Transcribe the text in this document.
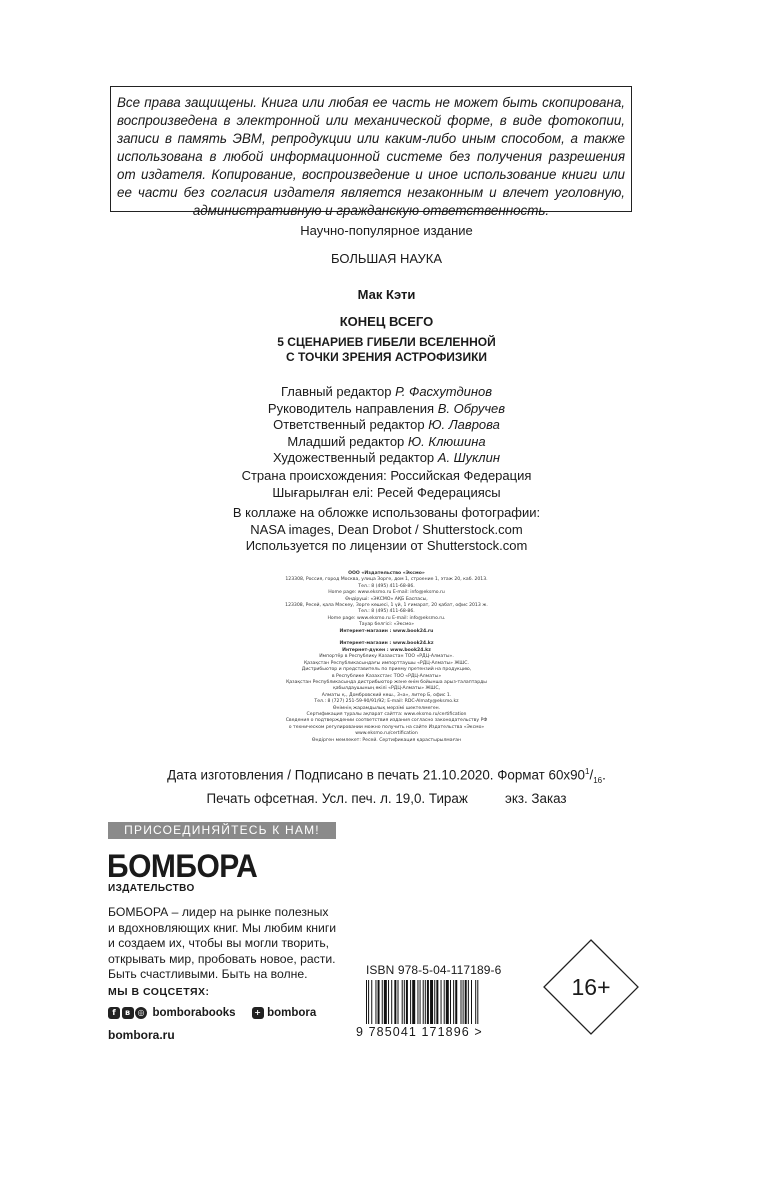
Все права защищены. Книга или любая ее часть не может быть скопирована,
воспроизведена в электронной или механической форме, в виде фотокопии,
записи в память ЭВМ, репродукции или каким-либо иным способом, а также
использована в любой информационной системе без получения разрешения
от издателя. Копирование, воспроизведение и иное использование книги или
ее части без согласия издателя является незаконным и влечет уголовную,
административную и гражданскую ответственность.
Научно-популярное издание
БОЛЬШАЯ НАУКА
Мак Кэти
КОНЕЦ ВСЕГО
5 СЦЕНАРИЕВ ГИБЕЛИ ВСЕЛЕННОЙ
С ТОЧКИ ЗРЕНИЯ АСТРОФИЗИКИ
Главный редактор Р. Фасхутдинов
Руководитель направления В. Обручев
Ответственный редактор Ю. Лаврова
Младший редактор Ю. Клюшина
Художественный редактор А. Шуклин
Страна происхождения: Российская Федерация
Шығарылған елі: Ресей Федерациясы
В коллаже на обложке использованы фотографии:
NASA images, Dean Drobot / Shutterstock.com
Используется по лицензии от Shutterstock.com
ООО «Издательство «Эксмо»
123308, Россия, город Москва, улица Зорге, дом 1, строение 1, этаж 20, каб. 2013.
Тел.: 8 (495) 411-68-86.
Home page: www.eksmo.ru E-mail: info@eksmo.ru
Өндіруші: «ЭКСМО» АҚБ Баспасы,
123308, Ресей, қала Мәскеу, Зорге көшесі, 1 үй, 1 ғимарат, 20 қабат, офис 2013 ж.
Тел.: 8 (495) 411-68-86.
Home page: www.eksmo.ru E-mail: info@eksmo.ru.
Тауар белгісі: «Эксмо»
Интернет-магазин : www.book24.ru

Интернет-магазин : www.book24.kz
Интернет-дүкен : www.book24.kz
Импортёр в Республику Казахстан ТОО «РДЦ-Алматы».
Қазақстан Республикасындағы импорттаушы «РДЦ-Алматы» ЖШС.
Дистрибьютор и представитель по приему претензий на продукцию,
в Республике Казахстан: ТОО «РДЦ-Алматы»
Қазақстан Республикасында дистрибьютор және өнім бойынша арыз-талаптарды
қабылдаушының өкілі «РДЦ-Алматы» ЖШС,
Алматы қ., Домбровский көш., 3«а», литер Б, офис 1.
Тел.: 8 (727) 251-59-90/91/92; E-mail: RDC-Almaty@eksmo.kz
Өнімнің жарамдылық мерзімі шектелмеген.
Сертификация туралы ақпарат сайтта: www.eksmo.ru/certification
Сведения о подтверждении соответствия издания согласно законодательству РФ
о техническом регулировании можно получить на сайте Издательства «Эксмо»
www.eksmo.ru/certification
Өндірген мемлекет: Ресей. Сертификация қарастырылмаған
Дата изготовления / Подписано в печать 21.10.2020. Формат $60x90^1/_{16}$.
Печать офсетная. Усл. печ. л. 19,0. Тираж          экз. Заказ
ПРИСОЕДИНЯЙТЕСЬ К НАМ!
БОМБОРА
ИЗДАТЕЛЬСТВО
БОМБОРА – лидер на рынке полезных
и вдохновляющих книг. Мы любим книги
и создаем их, чтобы вы могли творить,
открывать мир, пробовать новое, расти.
Быть счастливыми. Быть на волне.
МЫ В СОЦСЕТЯХ:
f	в ◎ bomborabooks	+ bombora
bombora.ru
ISBN 978-5-04-117189-6
9 785041 171896 >
16+
